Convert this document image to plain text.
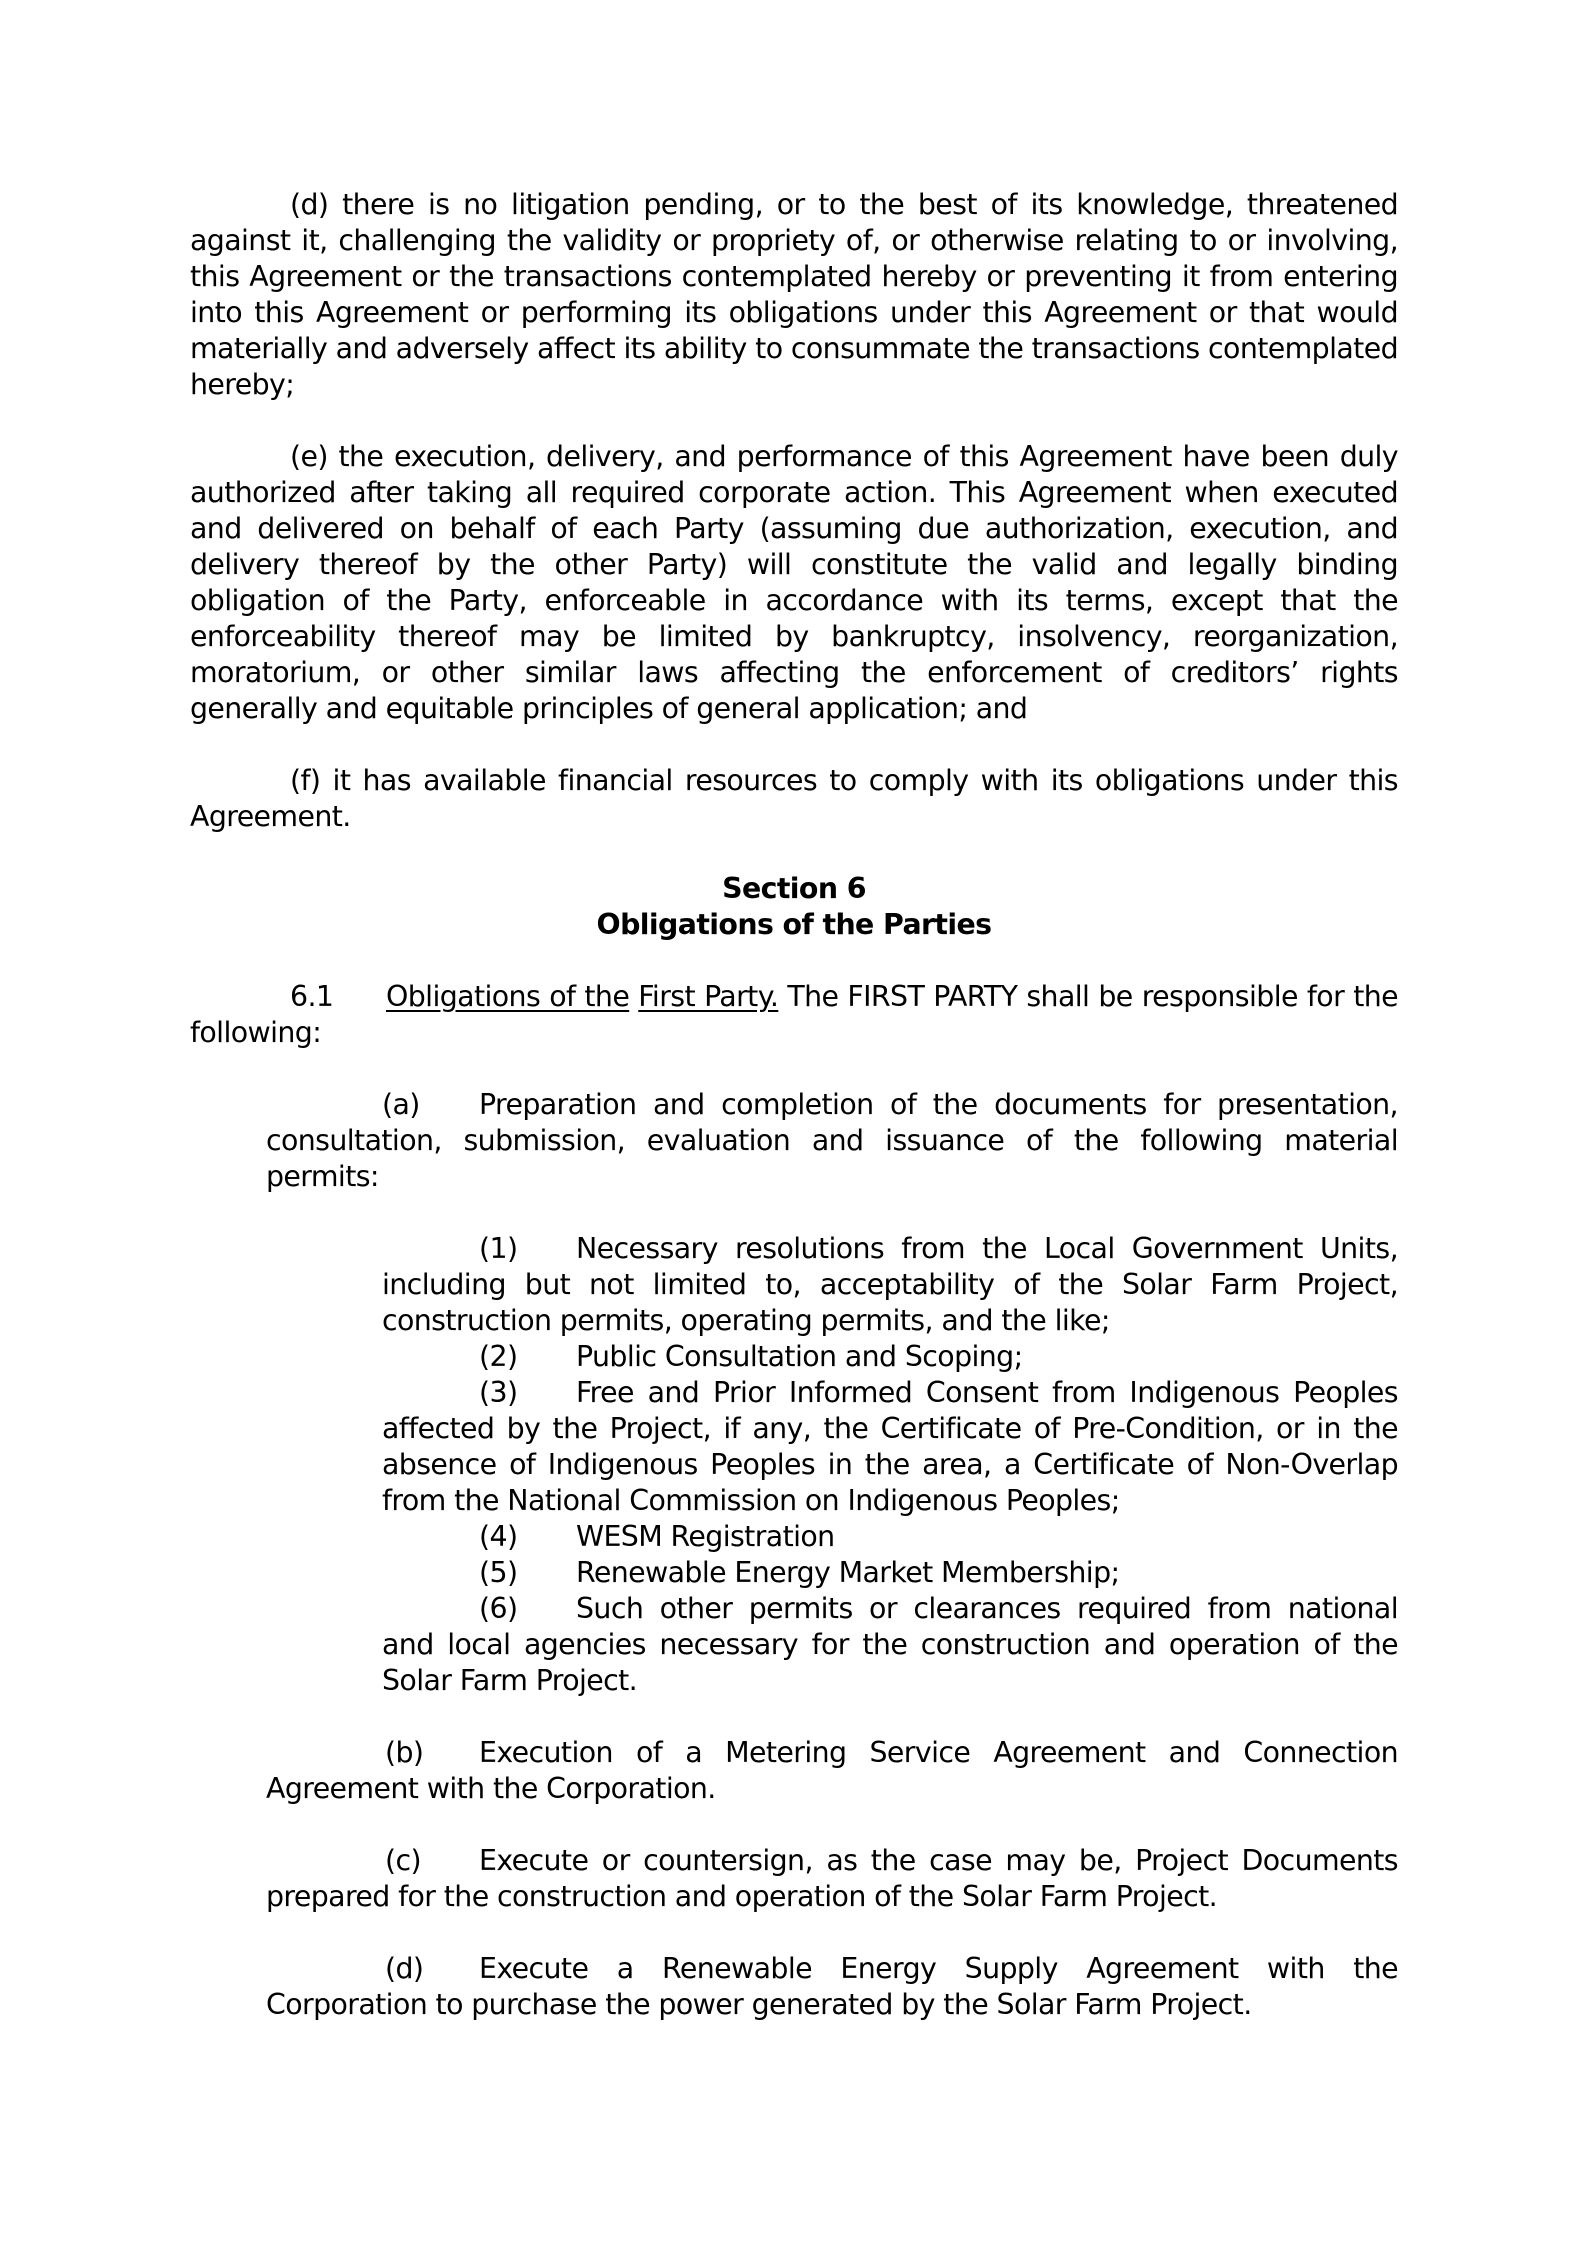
(d) there is no litigation pending, or to the best of its knowledge, threatened against it, challenging the validity or propriety of, or otherwise relating to or involving, this Agreement or the transactions contemplated hereby or preventing it from entering into this Agreement or performing its obligations under this Agreement or that would materially and adversely affect its ability to consummate the transactions contemplated hereby;

(e) the execution, delivery, and performance of this Agreement have been duly authorized after taking all required corporate action. This Agreement when executed and delivered on behalf of each Party (assuming due authorization, execution, and delivery thereof by the other Party) will constitute the valid and legally binding obligation of the Party, enforceable in accordance with its terms, except that the enforceability thereof may be limited by bankruptcy, insolvency, reorganization, moratorium, or other similar laws affecting the enforcement of creditors’ rights generally and equitable principles of general application; and

(f) it has available financial resources to comply with its obligations under this Agreement.

Section 6

Obligations of the Parties

6.1 Obligations of the First Party. The FIRST PARTY shall be responsible for the following:

(a) Preparation and completion of the documents for presentation, consultation, submission, evaluation and issuance of the following material permits:

(1) Necessary resolutions from the Local Government Units, including but not limited to, acceptability of the Solar Farm Project, construction permits, operating permits, and the like;

(2) Public Consultation and Scoping;

(3) Free and Prior Informed Consent from Indigenous Peoples affected by the Project, if any, the Certificate of Pre-Condition, or in the absence of Indigenous Peoples in the area, a Certificate of Non-Overlap from the National Commission on Indigenous Peoples;

(4) WESM Registration

(5) Renewable Energy Market Membership;

(6) Such other permits or clearances required from national and local agencies necessary for the construction and operation of the Solar Farm Project.

(b) Execution of a Metering Service Agreement and Connection Agreement with the Corporation.

(c) Execute or countersign, as the case may be, Project Documents prepared for the construction and operation of the Solar Farm Project.

(d) Execute a Renewable Energy Supply Agreement with the Corporation to purchase the power generated by the Solar Farm Project.
